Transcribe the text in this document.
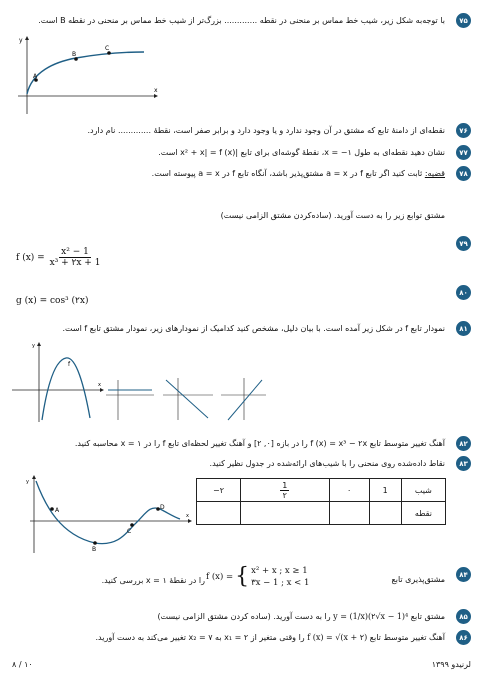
۷۵
با توجه‌به شکل زیر، شیب خط مماس بر منحنی در نقطه ............. بزرگ‌تر از شیب خط مماس بر منحنی در نقطه B است.
x
y
A
B
C
۷۶
نقطه‌ای از دامنهٔ تابع که مشتق در آن وجود ندارد و یا وجود دارد و برابر صفر است، نقطهٔ ............. نام دارد.
۷۷
نشان دهید نقطه‌ای به طول ۱− = x، نقطهٔ گوشه‌ای برای تابع |x² + x| = f (x) است.
۷۸
قضیه: ثابت کنید اگر تابع f در a = x مشتق‌پذیر باشد، آنگاه تابع f در a = x پیوسته است.
مشتق توابع زیر را به دست آورید. (ساده‌کردن مشتق الزامی نیست)
۷۹
f $(x) = \frac{\text{x² − 1}}{\text{x³ + ۲x + 1}}$
۸۰
g (x) = cos³ (۲x)
۸۱
نمودار تابع f در شکل زیر آمده است. با بیان دلیل، مشخص کنید کدامیک از نمودارهای زیر، نمودار مشتق تابع f است.
x
y
f
۸۲
آهنگ تغییر متوسط تابع f (x) = x³ − ۲x را در بازه [۰, ۲] و آهنگ تغییر لحظه‌ای تابع f را در ۱ = x محاسبه کنید.
۸۳
نقاط داده‌شده روی منحنی را با شیب‌های ارائه‌شده در جدول نظیر کنید.
x
y
A
B
C
D
−۲	$\frac{1}{۲}$	۰	1	شیب
				نقطه
۸۴
مشتق‌پذیری تابع
f (x) = { x² + x ; x ≥ 1
۳x − 1 ; x < 1
را در نقطهٔ ۱ = x بررسی کنید.
۸۵
مشتق تابع y = (1/x)(۲√x − 1)⁴ را به دست آورید. (ساده کردن مشتق الزامی نیست)
۸۶
آهنگ تغییر متوسط تابع f (x) = √(x + ۲) را وقتی متغیر از ۲ = x₁ به ۷ = x₂ تغییر می‌کند به دست آورید.
۸ / ۱۰	لرنیدو ۱۳۹۹
